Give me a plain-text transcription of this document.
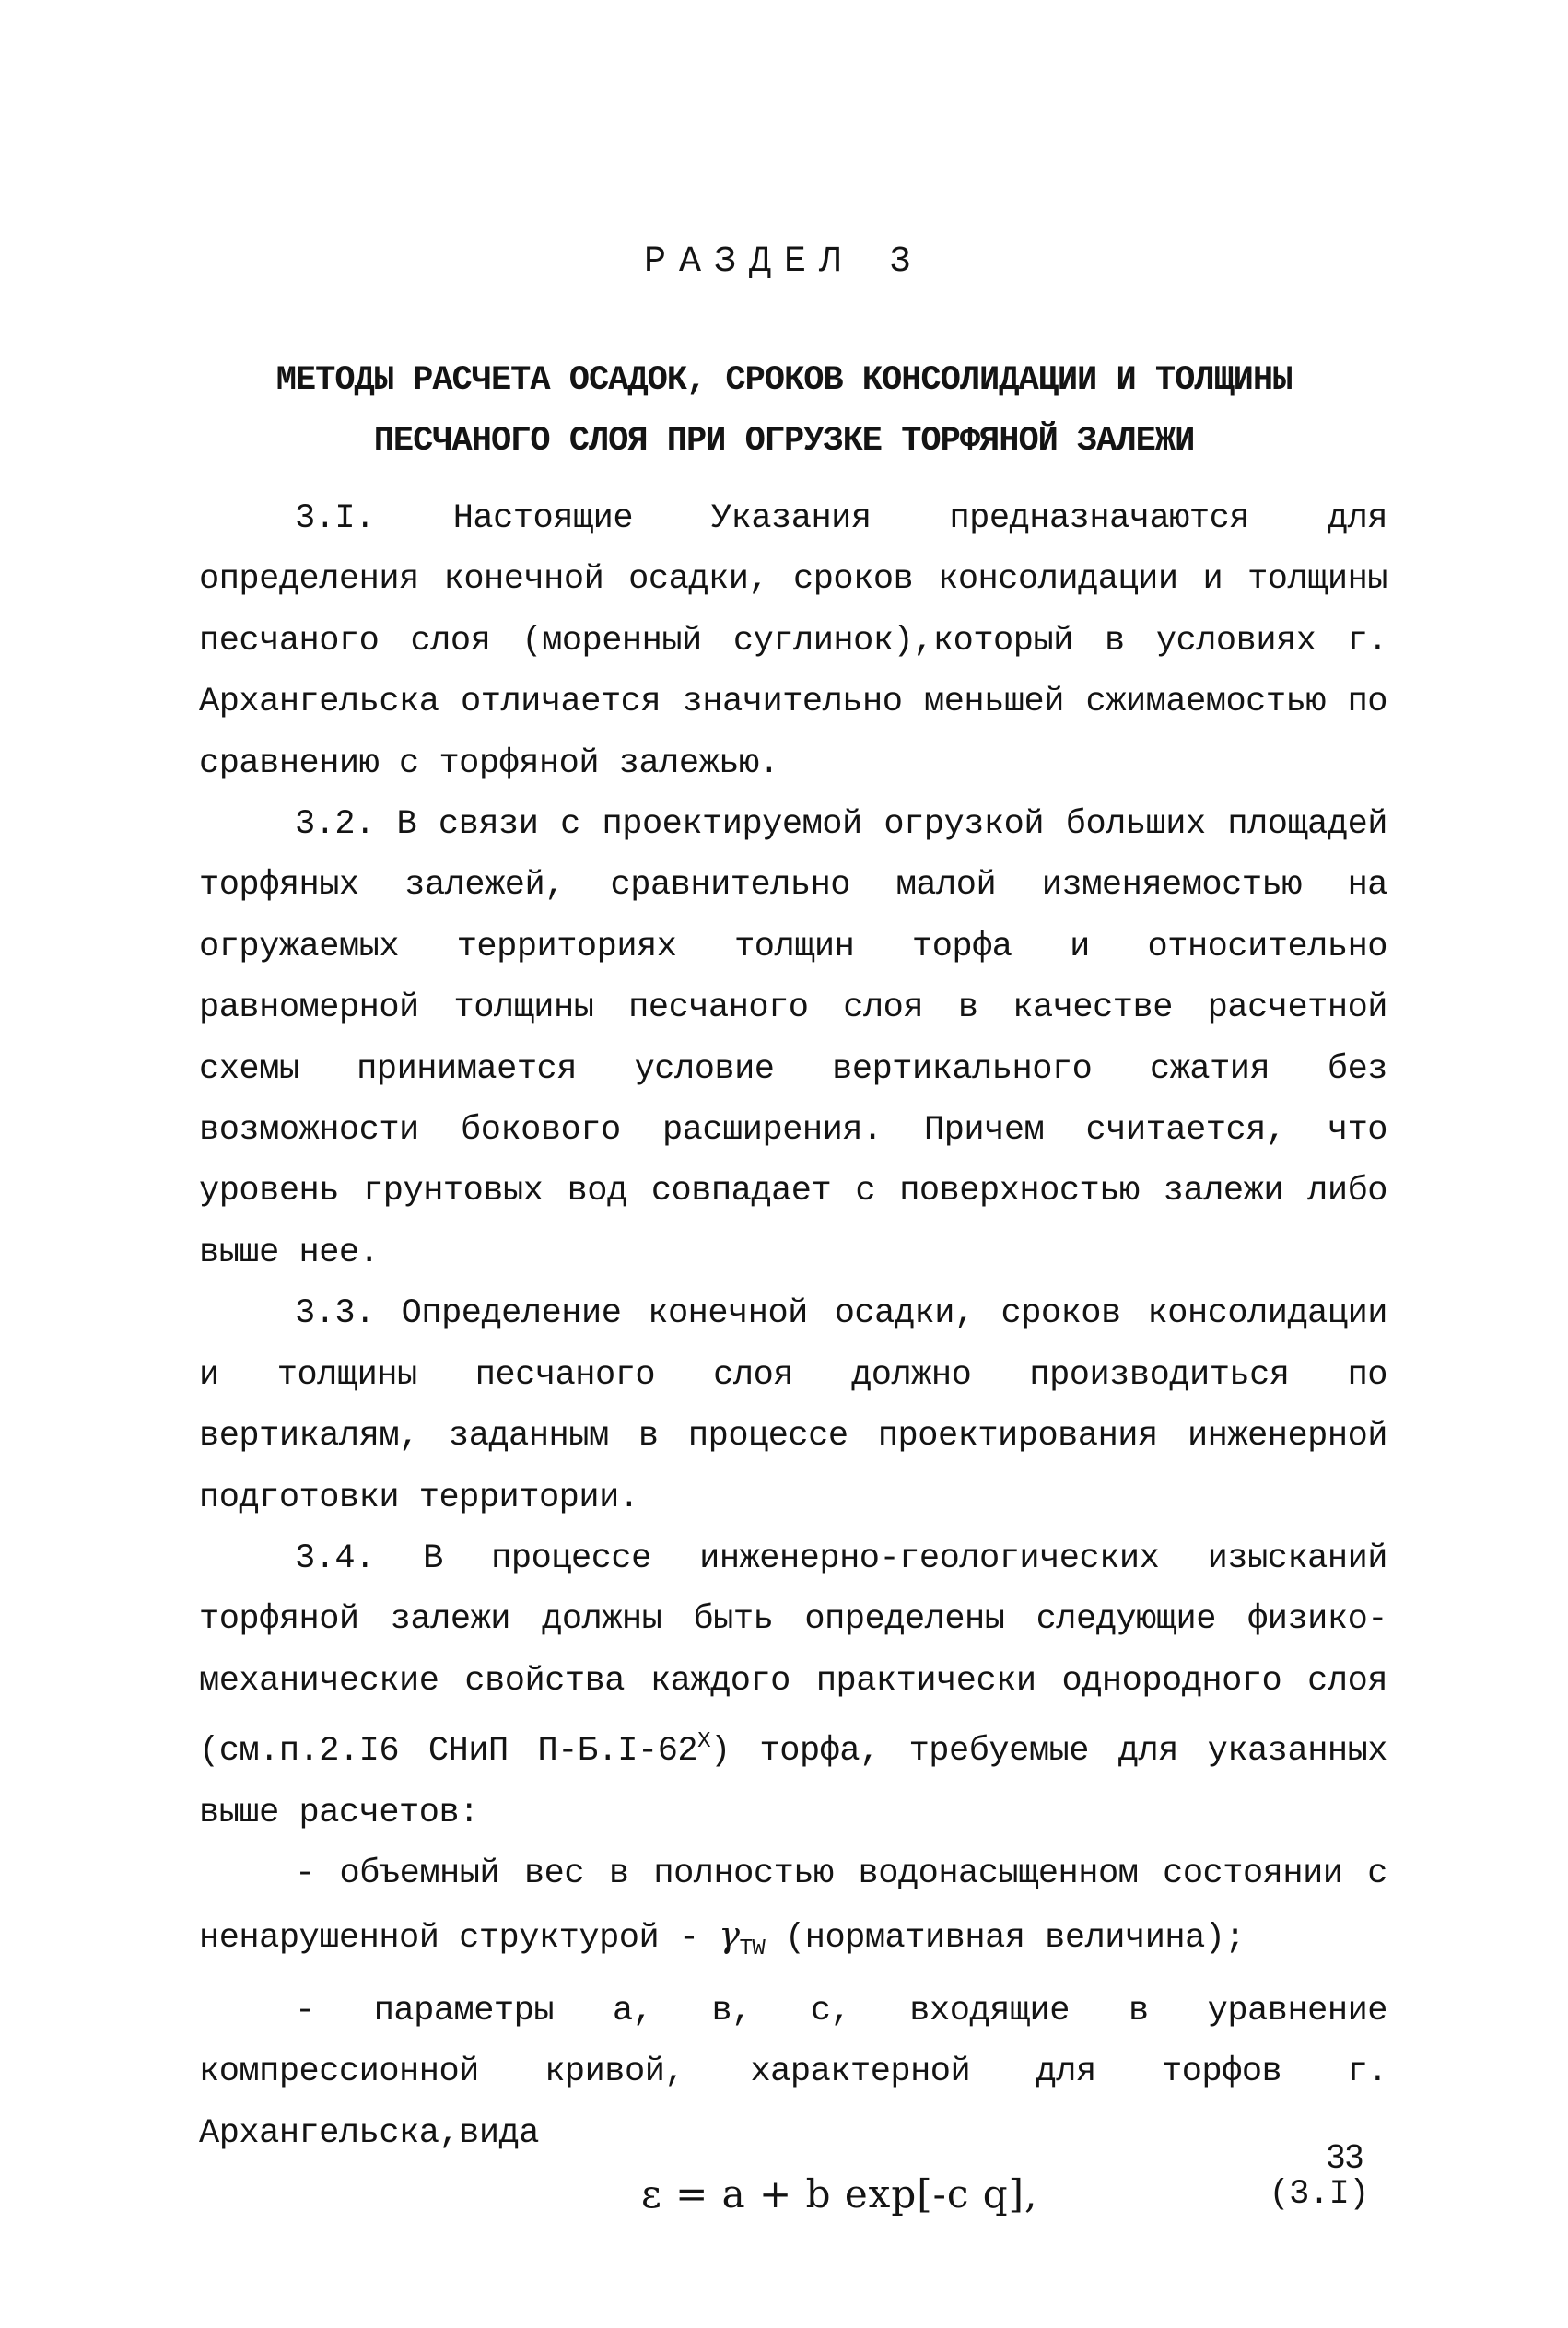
РАЗДЕЛ 3
МЕТОДЫ РАСЧЕТА ОСАДОК, СРОКОВ КОНСОЛИДАЦИИ И ТОЛЩИНЫ
ПЕСЧАНОГО СЛОЯ ПРИ ОГРУЗКЕ ТОРФЯНОЙ ЗАЛЕЖИ

3.I. Настоящие Указания предназначаются для определения конечной осадки, сроков консолидации и толщины песчаного слоя (моренный суглинок),который в условиях г. Архангельска отличается значительно меньшей сжимаемостью по сравнению с торфяной залежью.

3.2. В связи с проектируемой огрузкой больших площадей торфяных залежей, сравнительно малой изменяемостью на огружаемых территориях толщин торфа и относительно равномерной толщины песчаного слоя в качестве расчетной схемы принимается условие вертикального сжатия без возможности бокового расширения. Причем считается, что уровень грунтовых вод совпадает с поверхностью залежи либо выше нее.

3.3. Определение конечной осадки, сроков консолидации и толщины песчаного слоя должно производиться по вертикалям, заданным в процессе проектирования инженерной подготовки территории.

3.4. В процессе инженерно-геологических изысканий торфяной залежи должны быть определены следующие физико-механические свойства каждого практически однородного слоя (см.п.2.I6 СНиП $П-Б.I-62^Х$) торфа, требуемые для указанных выше расчетов:

- объемный вес в полностью водонасыщенном состоянии с ненарушенной структурой - $\gamma_{TW}$ (нормативная величина);

- параметры а, в, с, входящие в уравнение компрессионной кривой, характерной для торфов г. Архангельска,вида

ε = a + b exp[-c q],	(3.I)
33
